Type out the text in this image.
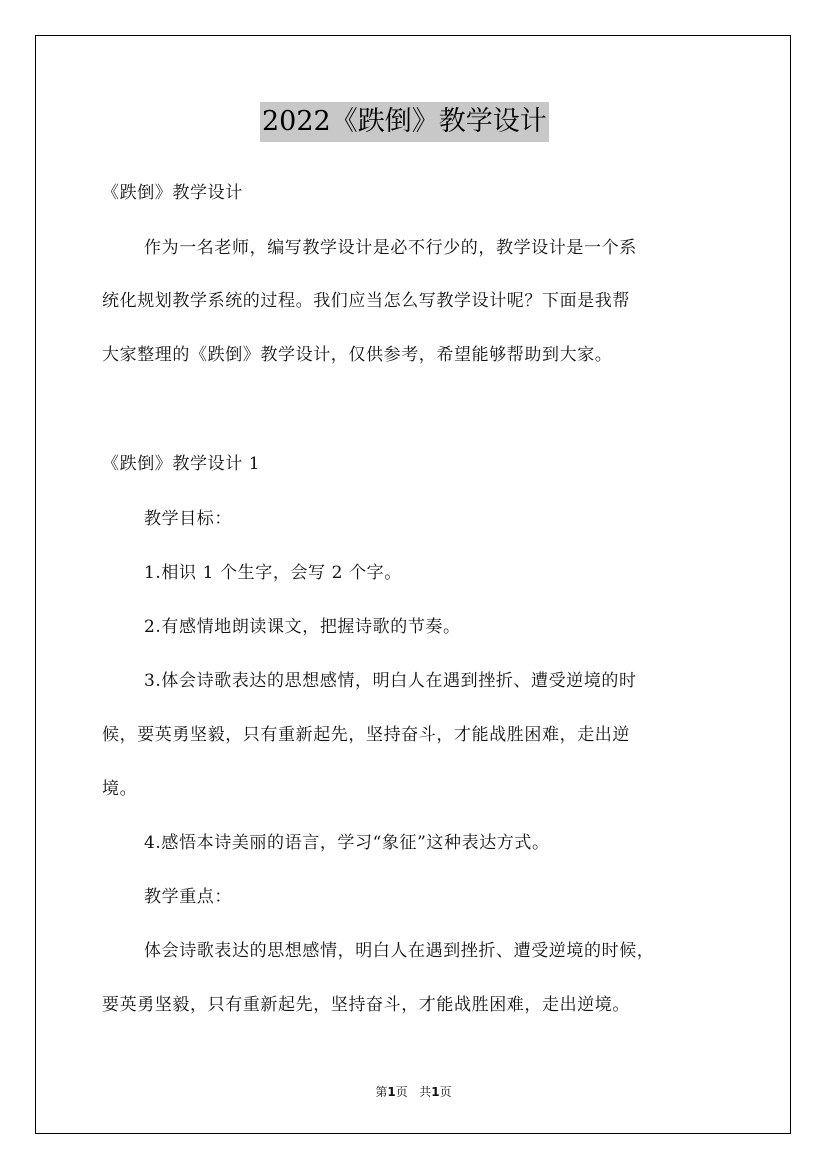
2022《跌倒》教学设计
《跌倒》教学设计
作为一名老师，编写教学设计是必不行少的，教学设计是一个系
统化规划教学系统的过程。我们应当怎么写教学设计呢？下面是我帮
大家整理的《跌倒》教学设计，仅供参考，希望能够帮助到大家。
《跌倒》教学设计 1
教学目标：
1.相识 1 个生字，会写 2 个字。
2.有感情地朗读课文，把握诗歌的节奏。
3.体会诗歌表达的思想感情，明白人在遇到挫折、遭受逆境的时
候，要英勇坚毅，只有重新起先，坚持奋斗，才能战胜困难，走出逆
境。
4.感悟本诗美丽的语言，学习“象征”这种表达方式。
教学重点：
体会诗歌表达的思想感情，明白人在遇到挫折、遭受逆境的时候，
要英勇坚毅，只有重新起先，坚持奋斗，才能战胜困难，走出逆境。
第1页 共1页
